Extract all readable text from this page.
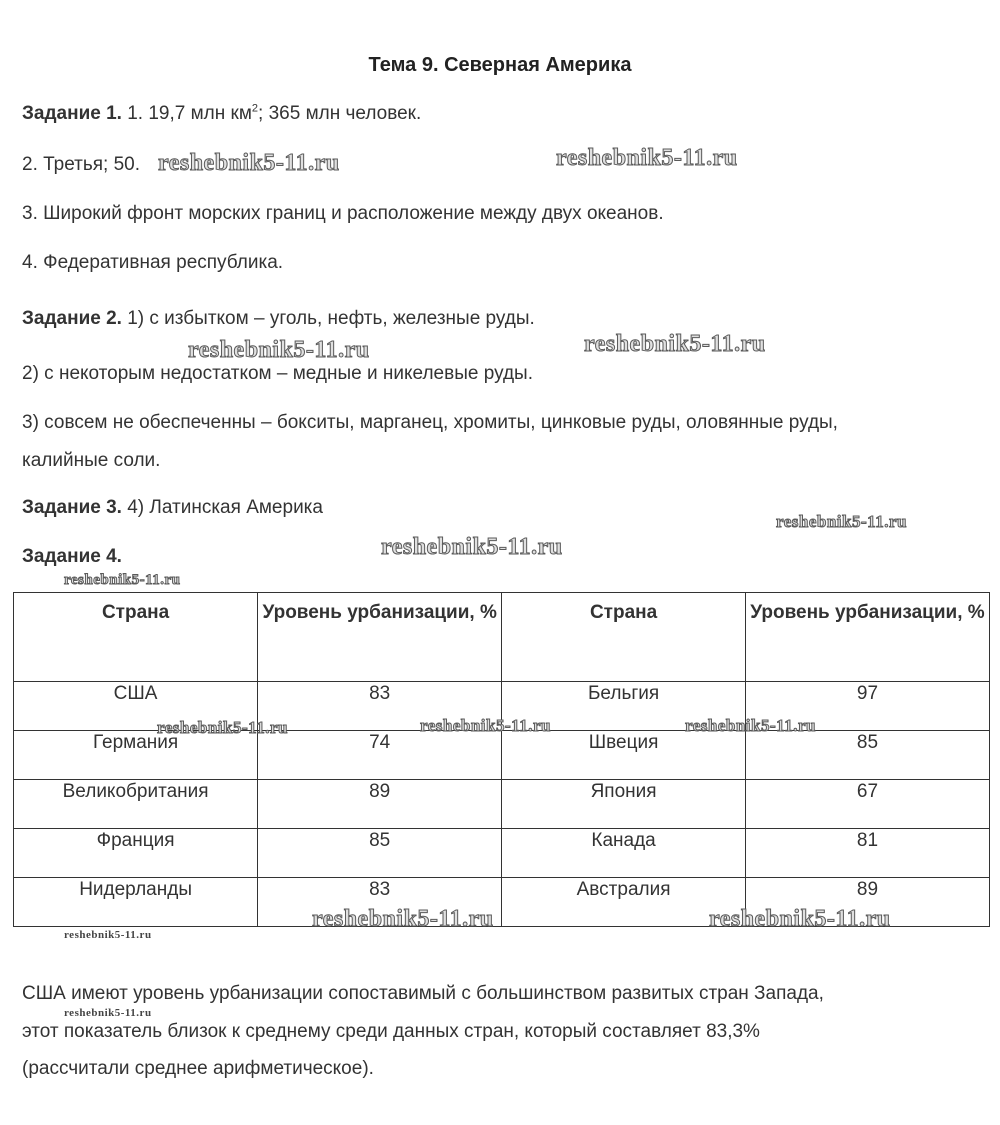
Тема 9. Северная Америка
Задание 1. 1. 19,7 млн $км^2$; 365 млн человек.
2. Третья; 50.
3. Широкий фронт морских границ и расположение между двух океанов.
4. Федеративная республика.
Задание 2. 1) с избытком – уголь, нефть, железные руды.
2) с некоторым недостатком – медные и никелевые руды.
3) совсем не обеспеченны – бокситы, марганец, хромиты, цинковые руды, оловянные руды,
калийные соли.
Задание 3. 4) Латинская Америка
Задание 4.
Страна	Уровень урбанизации, %	Страна	Уровень урбанизации, %
США	83	Бельгия	97
Германия	74	Швеция	85
Великобритания	89	Япония	67
Франция	85	Канада	81
Нидерланды	83	Австралия	89
США имеют уровень урбанизации сопоставимый с большинством развитых стран Запада,
этот показатель близок к среднему среди данных стран, который составляет 83,3%
(рассчитали среднее арифметическое).
reshebnik5-11.ru	reshebnik5-11.ru
reshebnik5-11.ru	reshebnik5-11.ru
reshebnik5-11.ru
reshebnik5-11.ru
reshebnik5-11.ru
reshebnik5-11.ru	reshebnik5-11.ru	reshebnik5-11.ru
reshebnik5-11.ru	reshebnik5-11.ru
reshebnik5-11.ru
reshebnik5-11.ru
